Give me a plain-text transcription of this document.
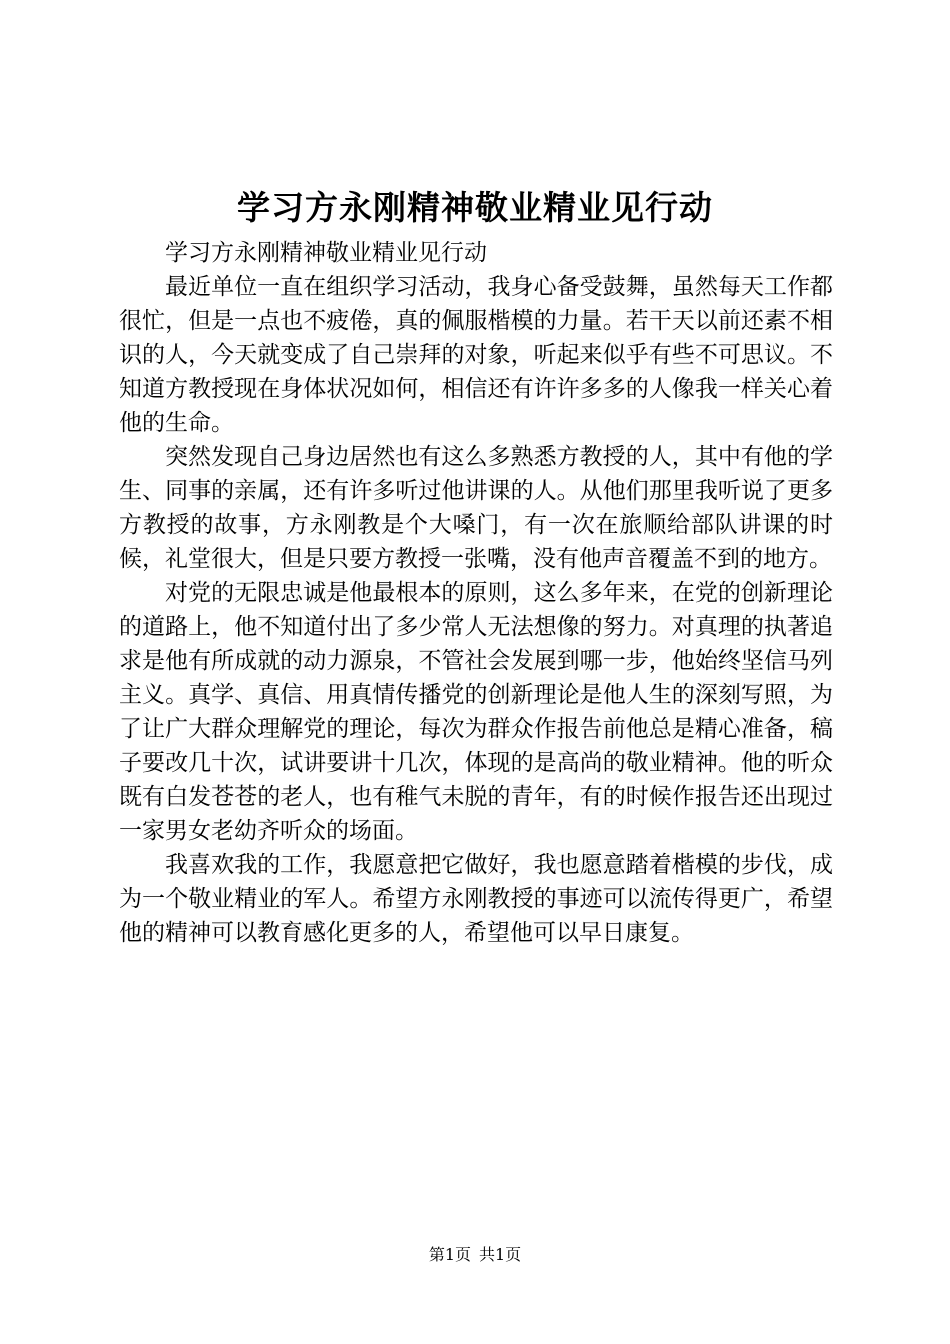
学习方永刚精神敬业精业见行动

学习方永刚精神敬业精业见行动

最近单位一直在组织学习活动，我身心备受鼓舞，虽然每天工作都很忙，但是一点也不疲倦，真的佩服楷模的力量。若干天以前还素不相识的人，今天就变成了自己崇拜的对象，听起来似乎有些不可思议。不知道方教授现在身体状况如何，相信还有许许多多的人像我一样关心着他的生命。

突然发现自己身边居然也有这么多熟悉方教授的人，其中有他的学生、同事的亲属，还有许多听过他讲课的人。从他们那里我听说了更多方教授的故事，方永刚教是个大嗓门，有一次在旅顺给部队讲课的时候，礼堂很大，但是只要方教授一张嘴，没有他声音覆盖不到的地方。

对党的无限忠诚是他最根本的原则，这么多年来，在党的创新理论的道路上，他不知道付出了多少常人无法想像的努力。对真理的执著追求是他有所成就的动力源泉，不管社会发展到哪一步，他始终坚信马列主义。真学、真信、用真情传播党的创新理论是他人生的深刻写照，为了让广大群众理解党的理论，每次为群众作报告前他总是精心准备，稿子要改几十次，试讲要讲十几次，体现的是高尚的敬业精神。他的听众既有白发苍苍的老人，也有稚气未脱的青年，有的时候作报告还出现过一家男女老幼齐听众的场面。

我喜欢我的工作，我愿意把它做好，我也愿意踏着楷模的步伐，成为一个敬业精业的军人。希望方永刚教授的事迹可以流传得更广，希望他的精神可以教育感化更多的人，希望他可以早日康复。

第1页 共1页
